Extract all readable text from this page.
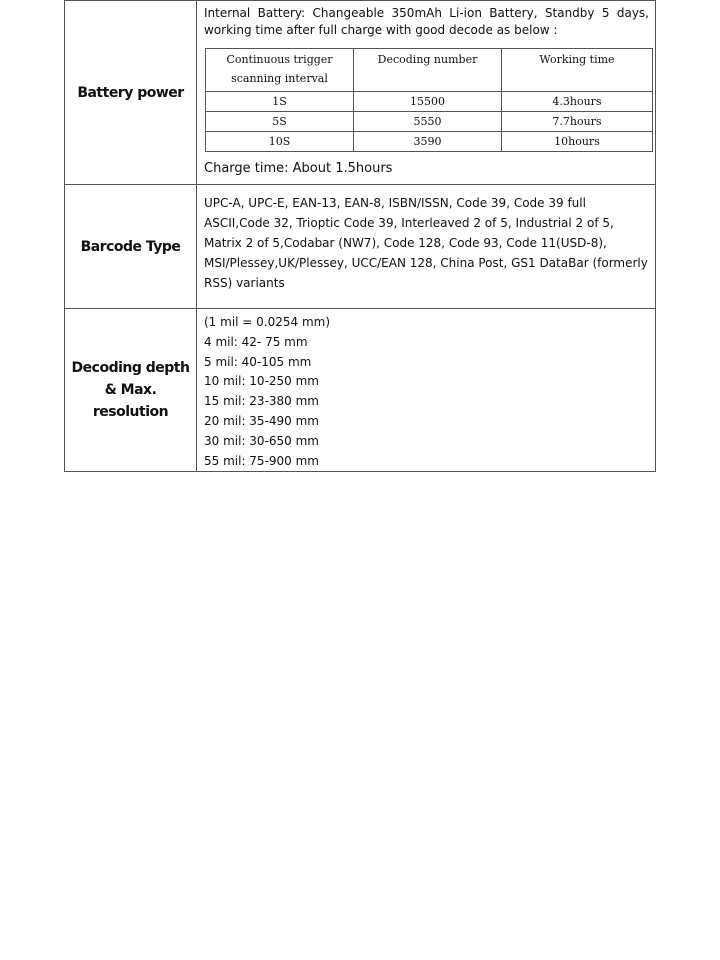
Battery power	
Internal Battery: Changeable 350mAh Li-ion Battery, Standby 5 days, working time after full charge with good decode as below :
Continuous trigger scanning interval	Decoding number	Working time
1S	15500	4.3hours
5S	5550	7.7hours
10S	3590	10hours
Charge time: About 1.5hours

Barcode Type	
UPC-A, UPC-E, EAN-13, EAN-8, ISBN/ISSN, Code 39, Code 39 full ASCII,Code 32, Trioptic Code 39, Interleaved 2 of 5, Industrial 2 of 5, Matrix 2 of 5,Codabar (NW7), Code 128, Code 93, Code 11(USD-8), MSI/Plessey,UK/Plessey, UCC/EAN 128, China Post, GS1 DataBar (formerly RSS) variants

Decoding depth & Max. resolution	
(1 mil = 0.0254 mm)
4 mil: 42- 75 mm
5 mil: 40-105 mm
10 mil: 10-250 mm
15 mil: 23-380 mm
20 mil: 35-490 mm
30 mil: 30-650 mm
55 mil: 75-900 mm
